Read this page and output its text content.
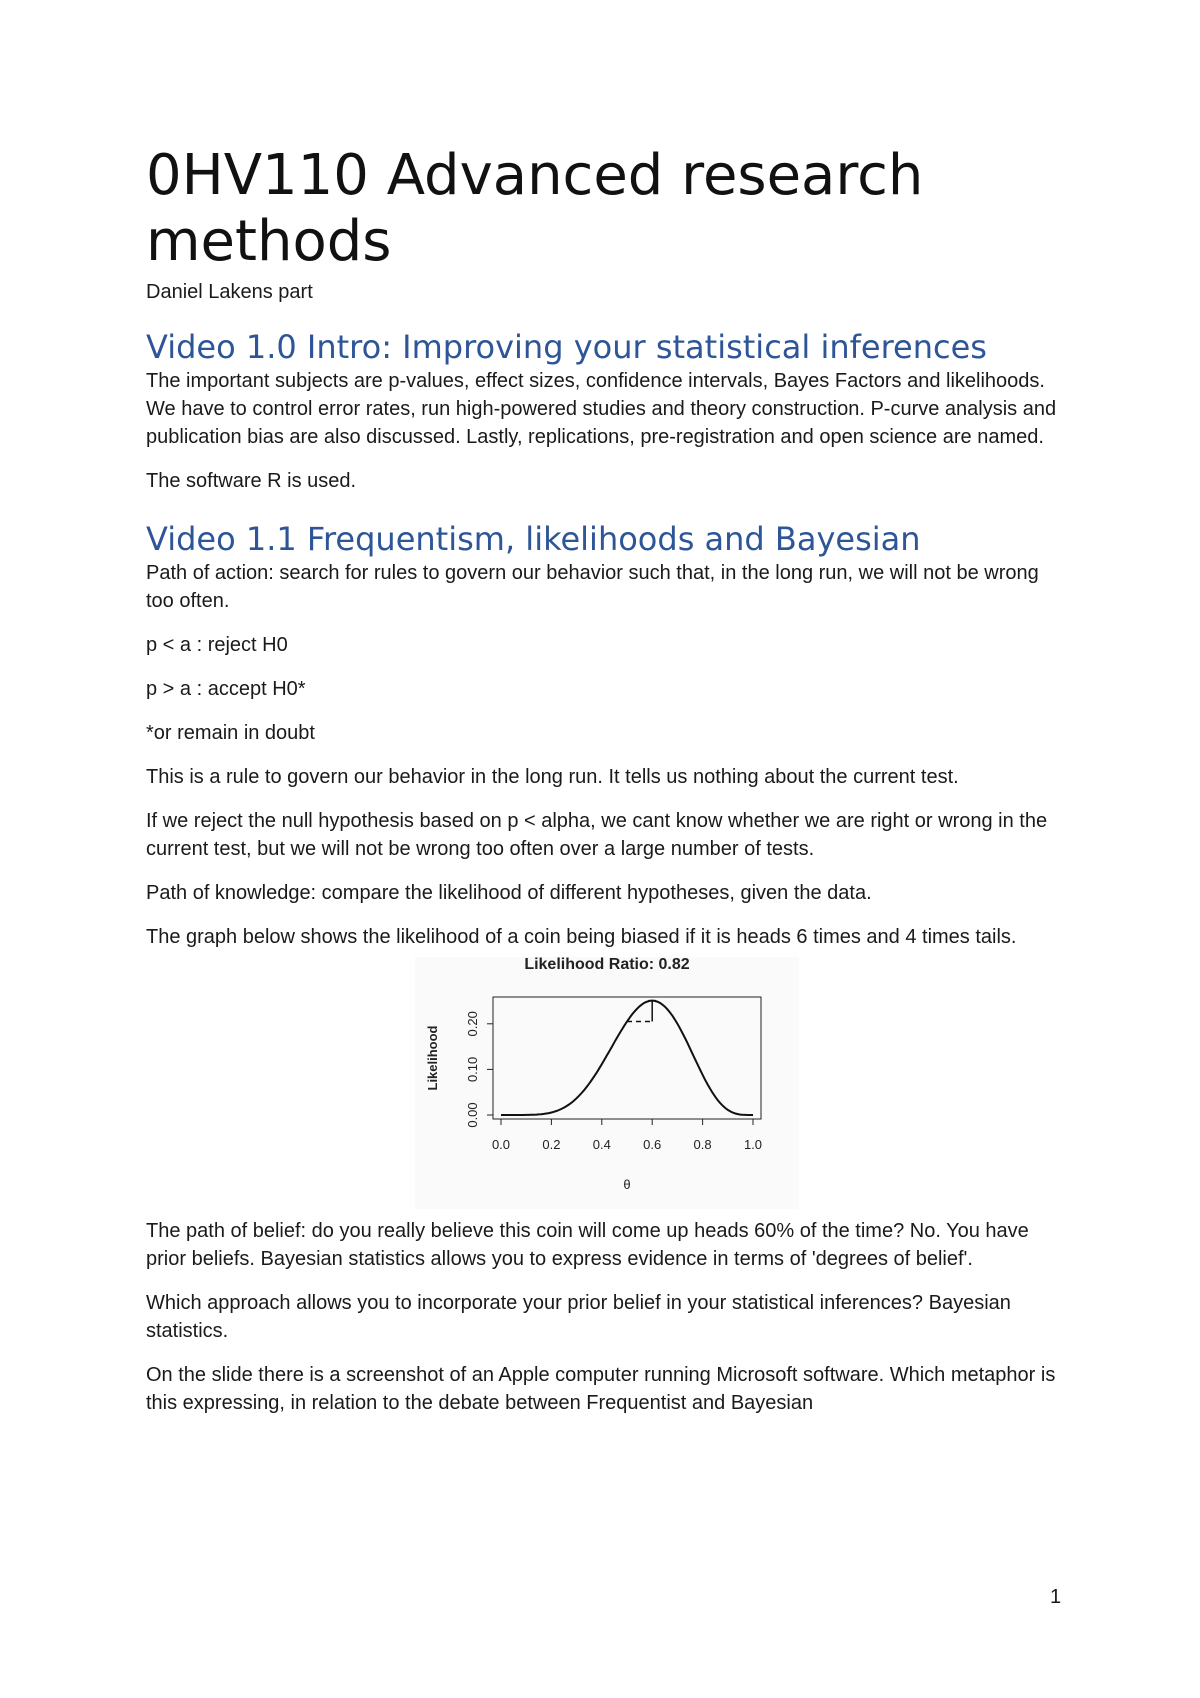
0HV110 Advanced research methods
Daniel Lakens part
Video 1.0 Intro: Improving your statistical inferences

The important subjects are p-values, effect sizes, confidence intervals, Bayes Factors and likelihoods. We have to control error rates, run high-powered studies and theory construction. P-curve analysis and publication bias are also discussed. Lastly, replications, pre-registration and open science are named.

The software R is used.

Video 1.1 Frequentism, likelihoods and Bayesian

Path of action: search for rules to govern our behavior such that, in the long run, we will not be wrong too often.

p < a : reject H0

p > a : accept H0*

*or remain in doubt

This is a rule to govern our behavior in the long run. It tells us nothing about the current test.

If we reject the null hypothesis based on p < alpha, we cant know whether we are right or wrong in the current test, but we will not be wrong too often over a large number of tests.

Path of knowledge: compare the likelihood of different hypotheses, given the data.

The graph below shows the likelihood of a coin being biased if it is heads 6 times and 4 times tails.

Likelihood Ratio: 0.82
0.0 0.2 0.4 0.6 0.8 1.0
0.00
0.10
0.20
Likelihood
θ

The path of belief: do you really believe this coin will come up heads 60% of the time? No. You have prior beliefs. Bayesian statistics allows you to express evidence in terms of 'degrees of belief'.

Which approach allows you to incorporate your prior belief in your statistical inferences? Bayesian statistics.

On the slide there is a screenshot of an Apple computer running Microsoft software. Which metaphor is this expressing, in relation to the debate between Frequentist and Bayesian

1
